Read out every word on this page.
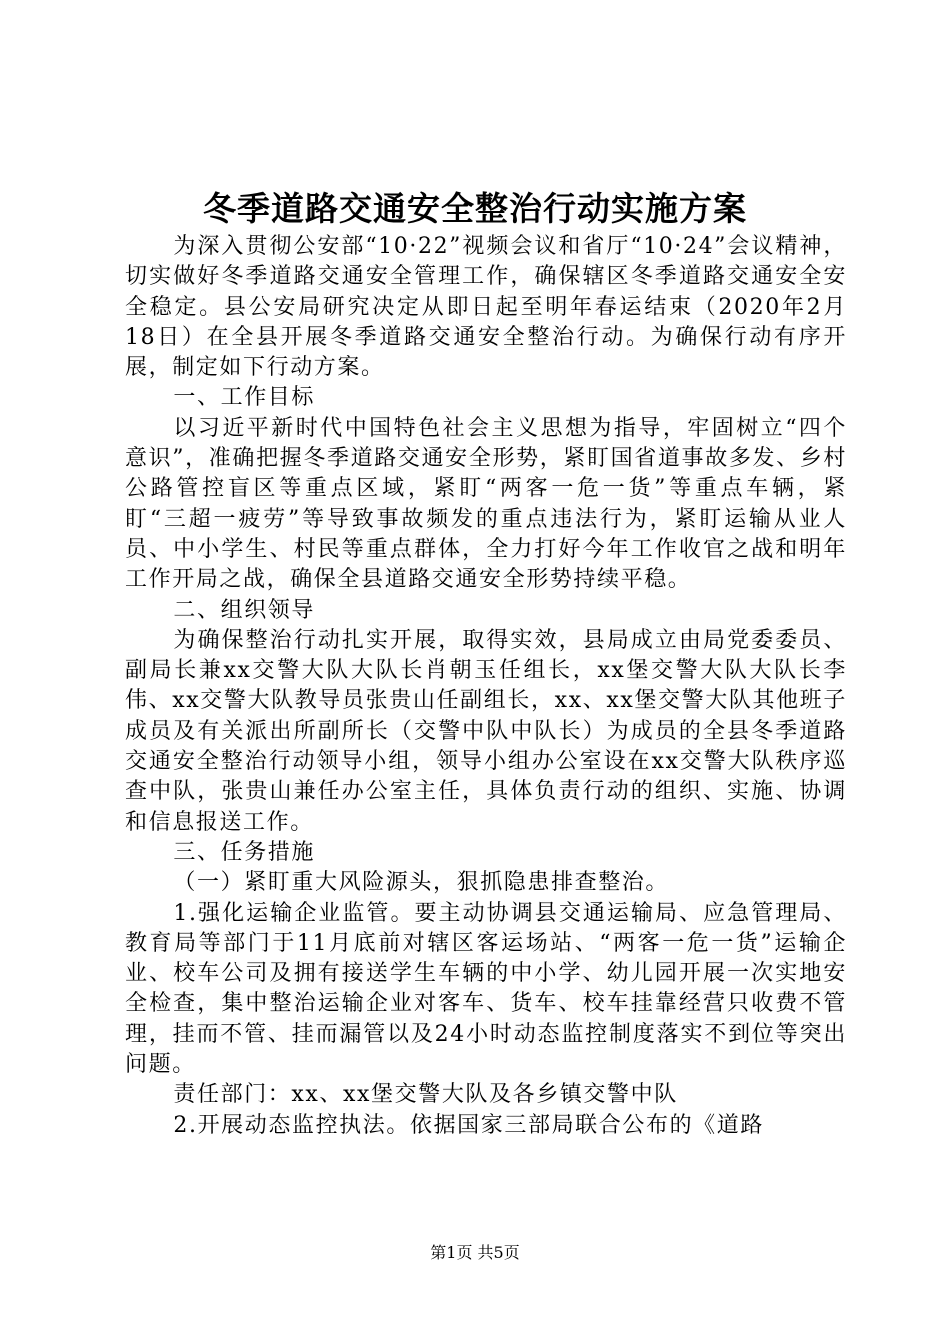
冬季道路交通安全整治行动实施方案

为深入贯彻公安部“10·22”视频会议和省厅“10·24”会议精神，切实做好冬季道路交通安全管理工作，确保辖区冬季道路交通安全安全稳定。县公安局研究决定从即日起至明年春运结束（2020年2月18日）在全县开展冬季道路交通安全整治行动。为确保行动有序开展，制定如下行动方案。

一、工作目标

以习近平新时代中国特色社会主义思想为指导，牢固树立“四个意识”，准确把握冬季道路交通安全形势，紧盯国省道事故多发、乡村公路管控盲区等重点区域，紧盯“两客一危一货”等重点车辆，紧盯“三超一疲劳”等导致事故频发的重点违法行为，紧盯运输从业人员、中小学生、村民等重点群体，全力打好今年工作收官之战和明年工作开局之战，确保全县道路交通安全形势持续平稳。

二、组织领导

为确保整治行动扎实开展，取得实效，县局成立由局党委委员、副局长兼xx交警大队大队长肖朝玉任组长，xx堡交警大队大队长李伟、xx交警大队教导员张贵山任副组长，xx、xx堡交警大队其他班子成员及有关派出所副所长（交警中队中队长）为成员的全县冬季道路交通安全整治行动领导小组，领导小组办公室设在xx交警大队秩序巡查中队，张贵山兼任办公室主任，具体负责行动的组织、实施、协调和信息报送工作。

三、任务措施

（一）紧盯重大风险源头，狠抓隐患排查整治。

1.强化运输企业监管。要主动协调县交通运输局、应急管理局、教育局等部门于11月底前对辖区客运场站、“两客一危一货”运输企业、校车公司及拥有接送学生车辆的中小学、幼儿园开展一次实地安全检查，集中整治运输企业对客车、货车、校车挂靠经营只收费不管理，挂而不管、挂而漏管以及24小时动态监控制度落实不到位等突出问题。

责任部门：xx、xx堡交警大队及各乡镇交警中队

2.开展动态监控执法。依据国家三部局联合公布的《道路

第1页 共5页
